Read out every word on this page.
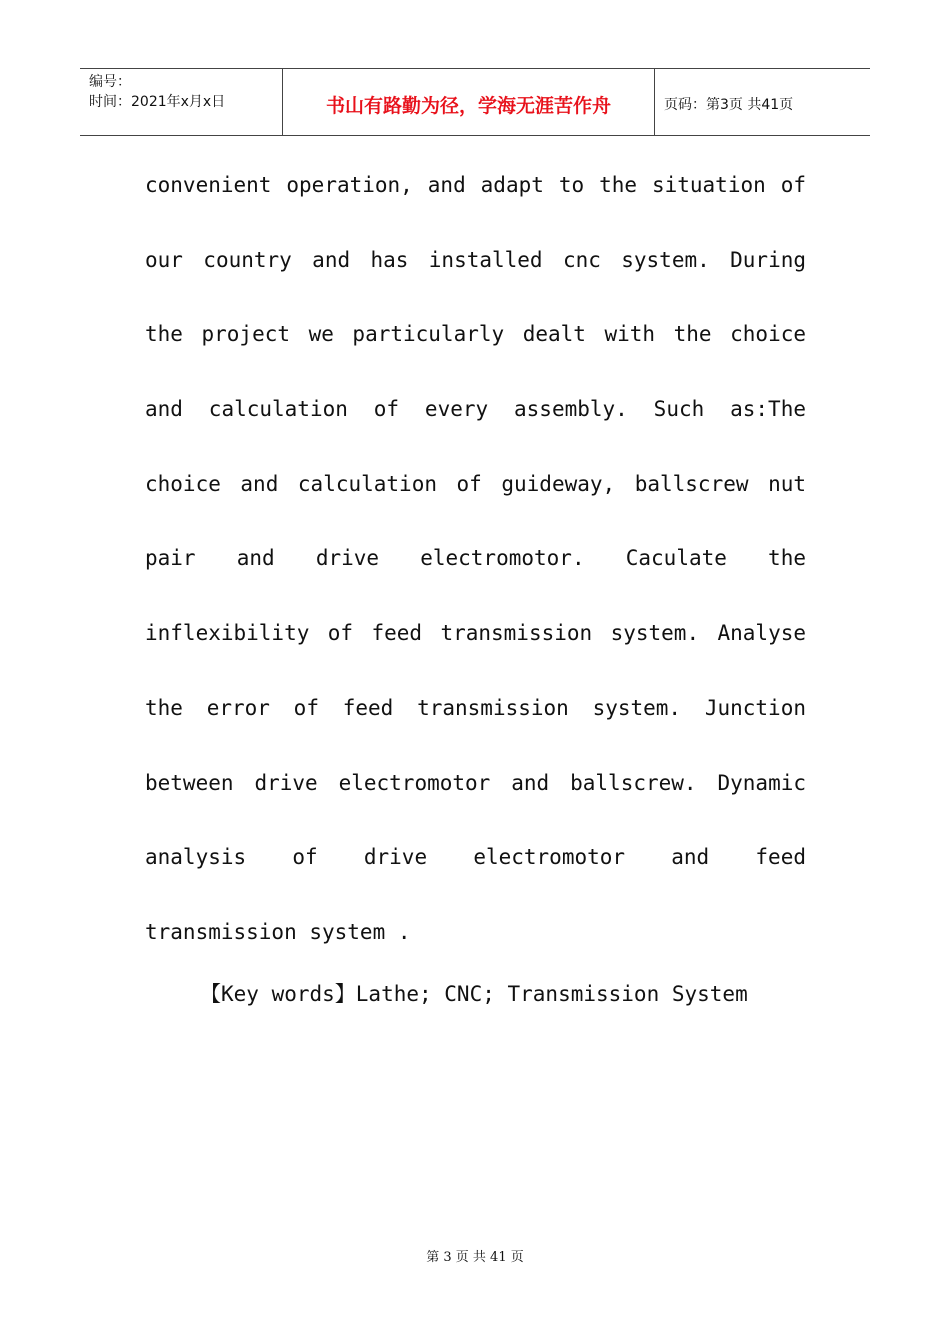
编号：
时间：2021年x月x日	书山有路勤为径，学海无涯苦作舟	页码：第3页 共41页
convenient operation, and adapt to the situation of
our country and has installed cnc system. During
the project we particularly dealt with the choice
and calculation of every assembly. Such as:The
choice and calculation of guideway, ballscrew nut
pair and drive electromotor. Caculate the
inflexibility of feed transmission system. Analyse
the error of feed transmission system. Junction
between drive electromotor and ballscrew. Dynamic
analysis of drive electromotor and feed
transmission system .
【Key words】Lathe; CNC; Transmission System
第 3 页 共 41 页
